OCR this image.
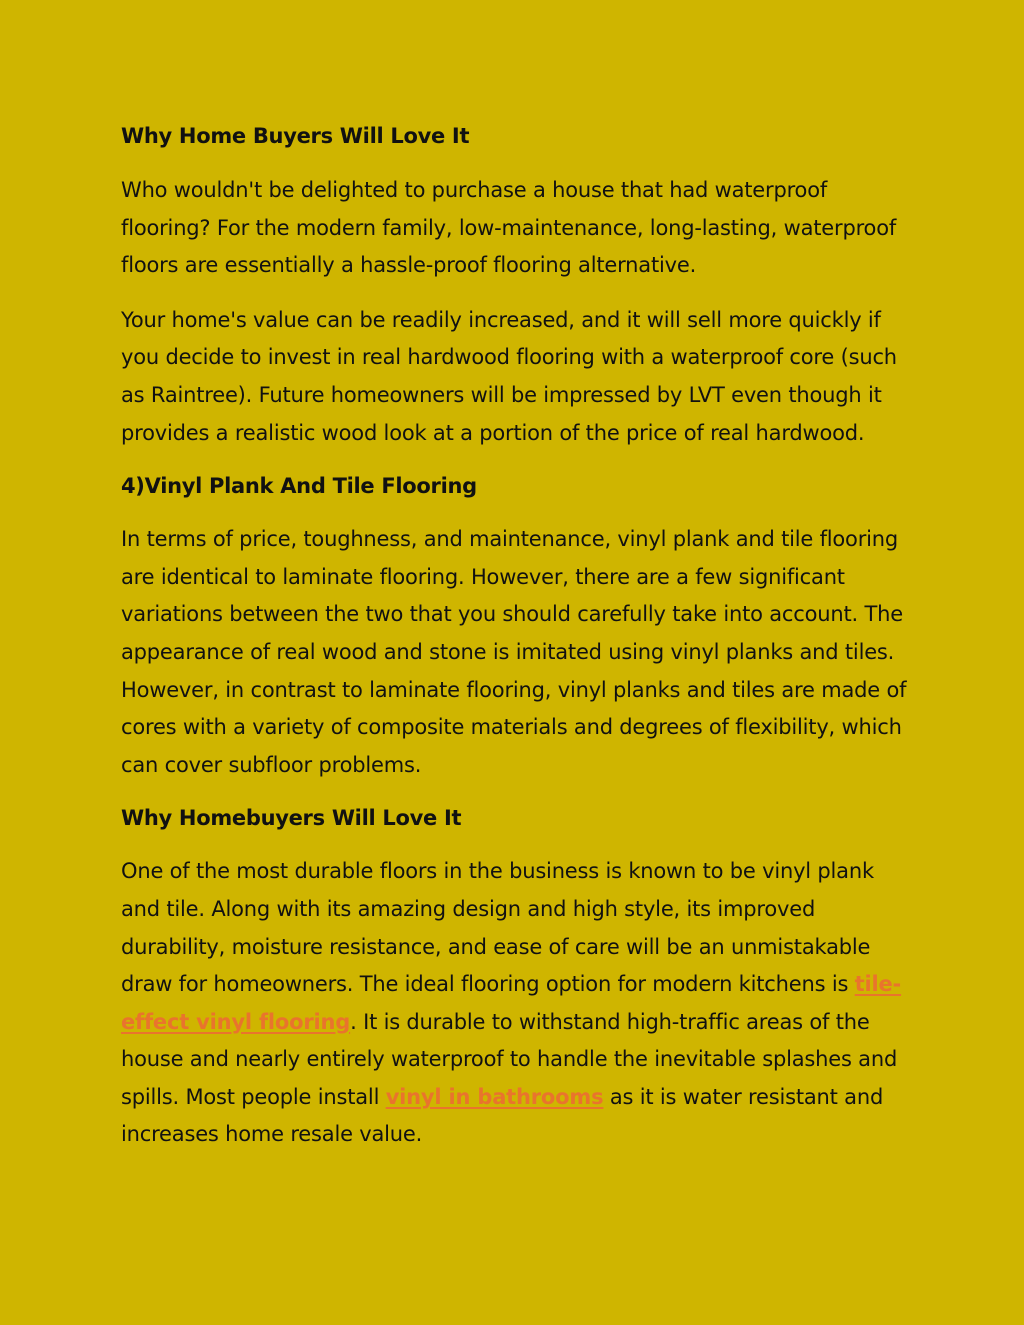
Why Home Buyers Will Love It

Who wouldn't be delighted to purchase a house that had waterproof flooring? For the modern family, low-maintenance, long-lasting, waterproof floors are essentially a hassle-proof flooring alternative.

Your home's value can be readily increased, and it will sell more quickly if you decide to invest in real hardwood flooring with a waterproof core (such as Raintree). Future homeowners will be impressed by LVT even though it provides a realistic wood look at a portion of the price of real hardwood.

4)Vinyl Plank And Tile Flooring

In terms of price, toughness, and maintenance, vinyl plank and tile flooring are identical to laminate flooring. However, there are a few significant variations between the two that you should carefully take into account. The appearance of real wood and stone is imitated using vinyl planks and tiles. However, in contrast to laminate flooring, vinyl planks and tiles are made of cores with a variety of composite materials and degrees of flexibility, which can cover subfloor problems.

Why Homebuyers Will Love It

One of the most durable floors in the business is known to be vinyl plank and tile. Along with its amazing design and high style, its improved durability, moisture resistance, and ease of care will be an unmistakable draw for homeowners. The ideal flooring option for modern kitchens is tile-effect vinyl flooring. It is durable to withstand high-traffic areas of the house and nearly entirely waterproof to handle the inevitable splashes and spills. Most people install vinyl in bathrooms as it is water resistant and increases home resale value.
